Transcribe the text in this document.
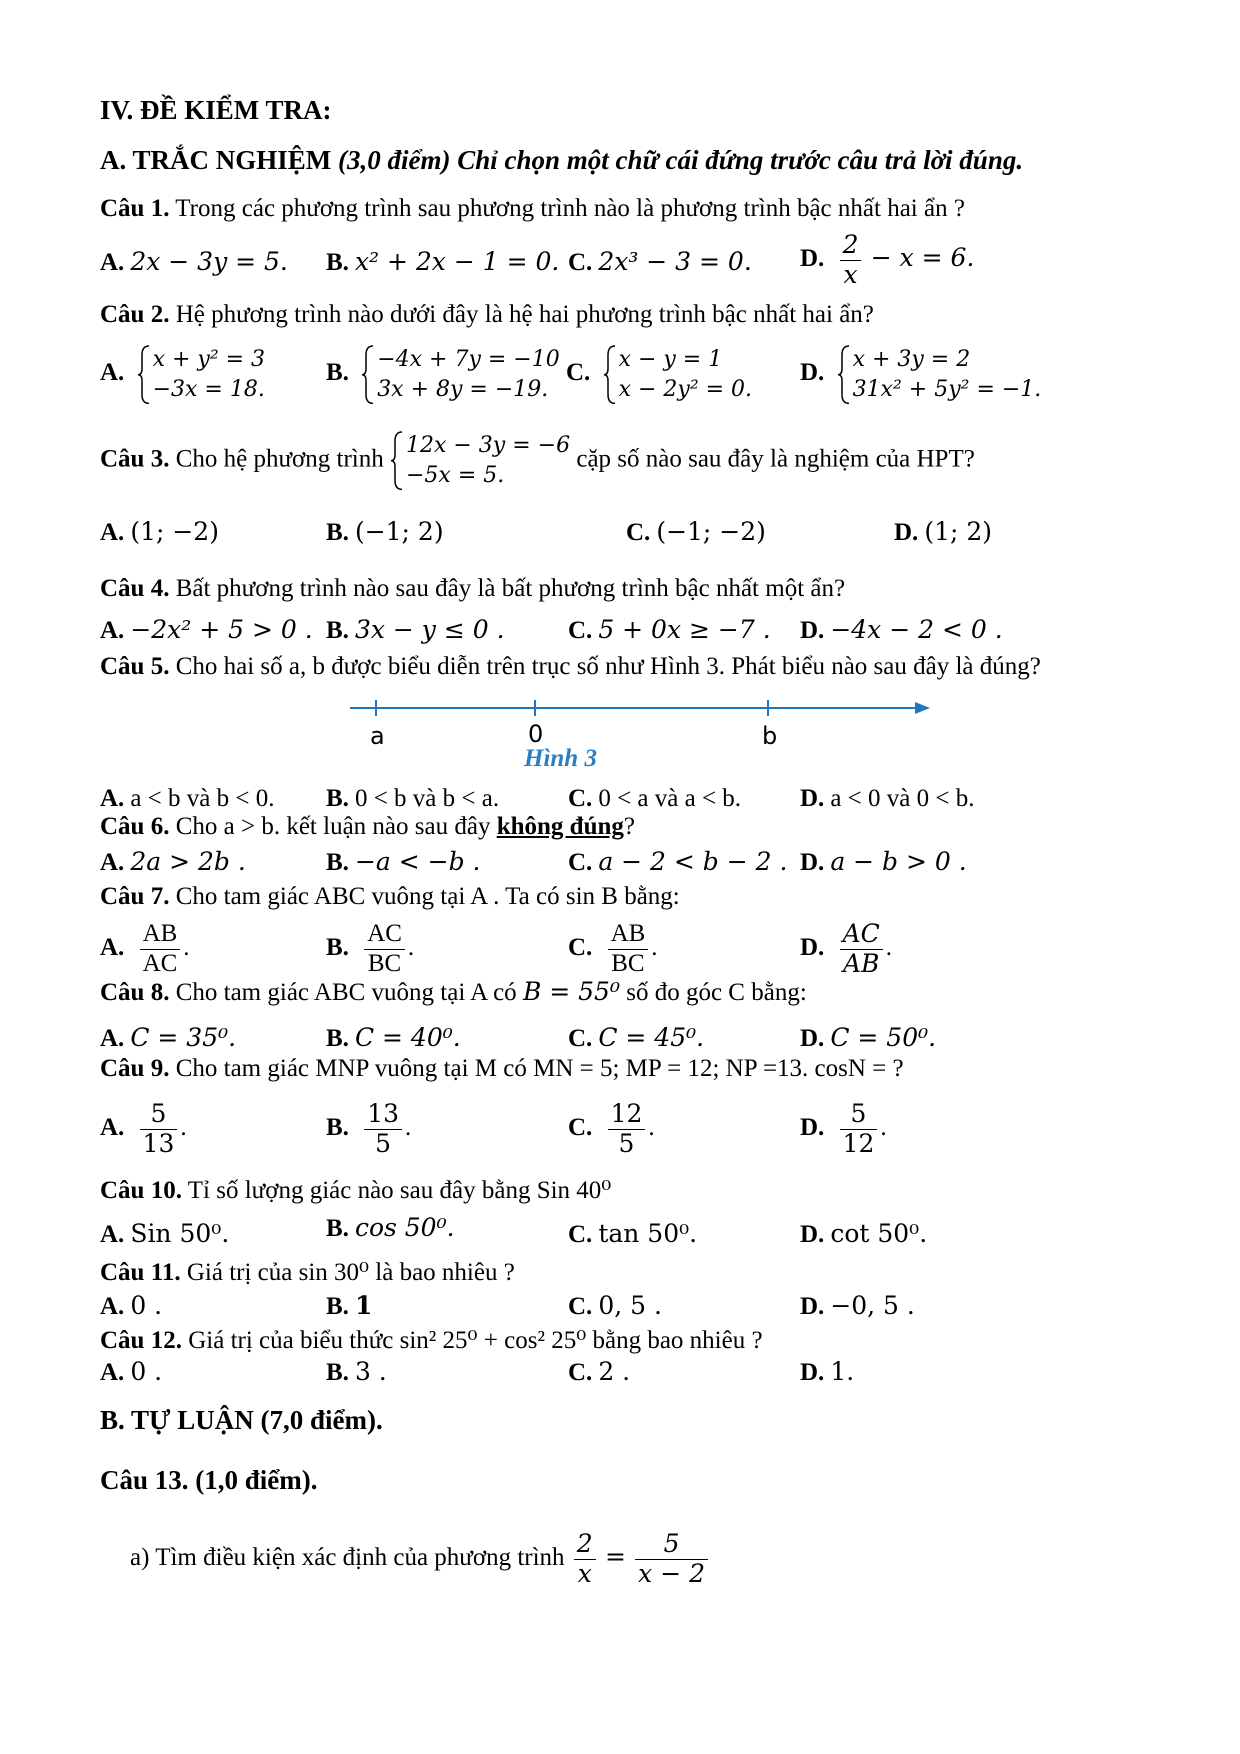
IV. ĐỀ KIỂM TRA:
A. TRẮC NGHIỆM (3,0 điểm) Chỉ chọn một chữ cái đứng trước câu trả lời đúng.
Câu 1. Trong các phương trình sau phương trình nào là phương trình bậc nhất hai ẩn ?
A. 2x − 3y = 5. B. x² + 2x − 1 = 0. C. 2x³ − 3 = 0. D. $\frac{2}{x} - x = 6$.
Câu 2. Hệ phương trình nào dưới đây là hệ hai phương trình bậc nhất hai ẩn?
A. x + y² = 3
−3x = 18.
B. −4x + 7y = −10
3x + 8y = −19.
C. x − y = 1
x − 2y² = 0.
D. x + 3y = 2
31x² + 5y² = −1.
Câu 3. Cho hệ phương trình 12x − 3y = −6
−5x = 5.
cặp số nào sau đây là nghiệm của HPT?
A. (1; −2)	B. (−1; 2)	C. (−1; −2)	D. (1; 2)
Câu 4. Bất phương trình nào sau đây là bất phương trình bậc nhất một ẩn?
A. −2x² + 5 > 0 . B. 3x − y ≤ 0 .	C. 5 + 0x ≥ −7 . D. −4x − 2 < 0 .
Câu 5. Cho hai số a, b được biểu diễn trên trục số như Hình 3. Phát biểu nào sau đây là đúng?
a	0	b
Hình 3
A. a < b và b < 0. B. 0 < b và b < a.	C. 0 < a và a < b. D. a < 0 và 0 < b.
Câu 6. Cho a > b. kết luận nào sau đây không đúng?
A. 2a > 2b .	B. −a < −b .	C. a − 2 < b − 2 . D. a − b > 0 .
Câu 7. Cho tam giác ABC vuông tại A . Ta có sin B bằng:
A. $\frac{AB}{AC}$ .	B. $\frac{AC}{BC}$ .	C. $\frac{AB}{BC}$ .	D. $\frac{AC}{AB}$ .
Câu 8. Cho tam giác ABC vuông tại A có B = 55⁰ số đo góc C bằng:
A. C = 35⁰.	B. C = 40⁰.	C. C = 45⁰.	D. C = 50⁰.
Câu 9. Cho tam giác MNP vuông tại M có MN = 5; MP = 12; NP =13. cosN = ?
A. $\frac{5}{13}$ .	B. $\frac{13}{5}$ .	C. $\frac{12}{5}$ .	D. $\frac{5}{12}$ .
Câu 10. Tỉ số lượng giác nào sau đây bằng Sin 40⁰
A. Sin 50⁰.	B. cos 50⁰.	C. tan 50⁰.	D. cot 50⁰.
Câu 11. Giá trị của sin 30⁰ là bao nhiêu ?
A. 0 .	B. 1	C. 0, 5 .	D. −0, 5 .
Câu 12. Giá trị của biểu thức sin² 25⁰ + cos² 25⁰ bằng bao nhiêu ?
A. 0 .	B. 3 .	C. 2 .	D. 1.
B. TỰ LUẬN (7,0 điểm).
Câu 13. (1,0 điểm).
a) Tìm điều kiện xác định của phương trình $\frac{2}{x} = \frac{5}{x - 2}$
